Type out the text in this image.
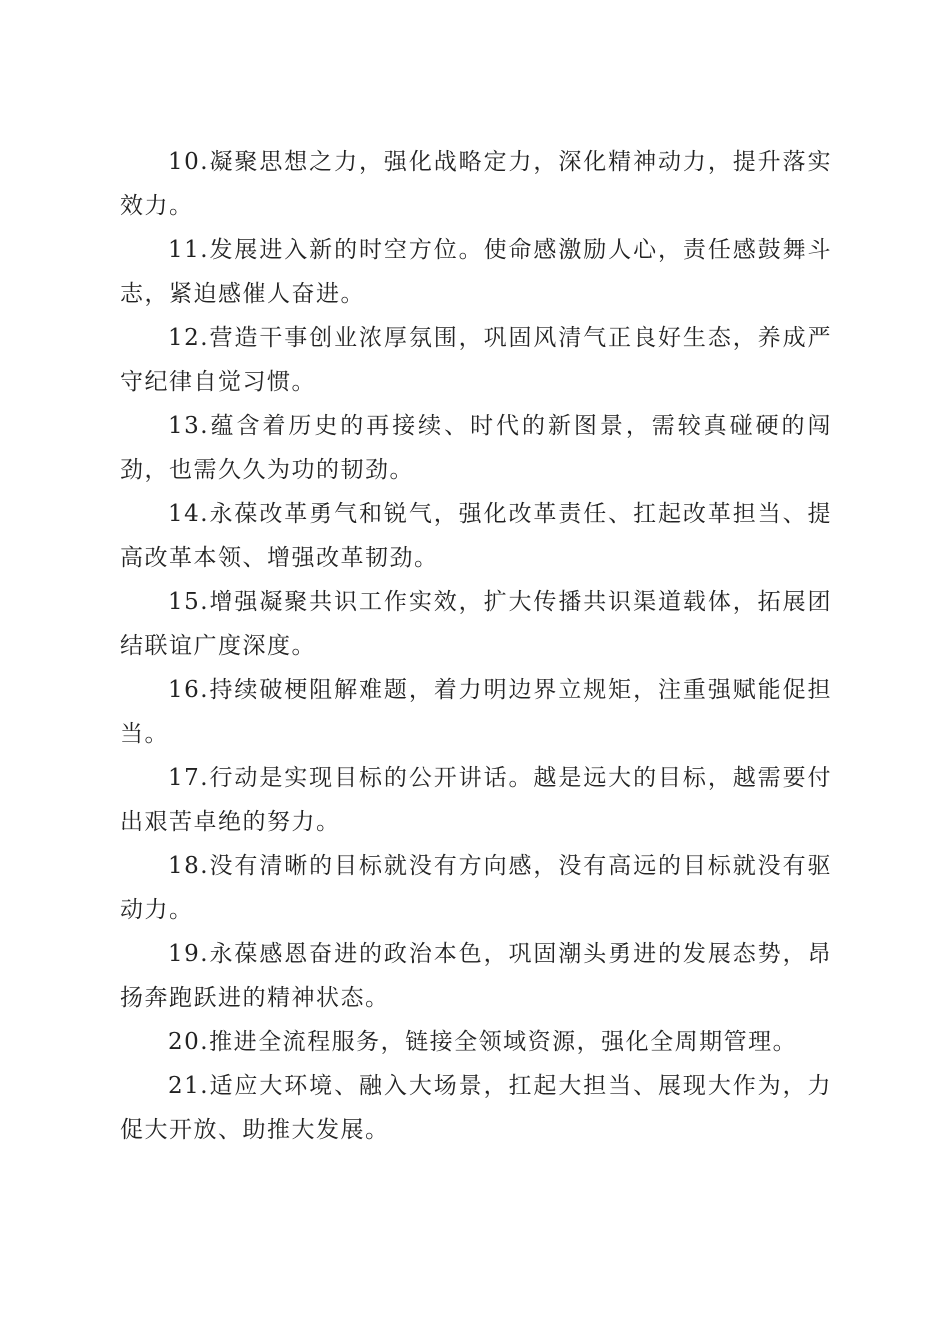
10.凝聚思想之力，强化战略定力，深化精神动力，提升落实效力。

11.发展进入新的时空方位。使命感激励人心，责任感鼓舞斗志，紧迫感催人奋进。

12.营造干事创业浓厚氛围，巩固风清气正良好生态，养成严守纪律自觉习惯。

13.蕴含着历史的再接续、时代的新图景，需较真碰硬的闯劲，也需久久为功的韧劲。

14.永葆改革勇气和锐气，强化改革责任、扛起改革担当、提高改革本领、增强改革韧劲。

15.增强凝聚共识工作实效，扩大传播共识渠道载体，拓展团结联谊广度深度。

16.持续破梗阻解难题，着力明边界立规矩，注重强赋能促担当。

17.行动是实现目标的公开讲话。越是远大的目标，越需要付出艰苦卓绝的努力。

18.没有清晰的目标就没有方向感，没有高远的目标就没有驱动力。

19.永葆感恩奋进的政治本色，巩固潮头勇进的发展态势，昂扬奔跑跃进的精神状态。

20.推进全流程服务，链接全领域资源，强化全周期管理。

21.适应大环境、融入大场景，扛起大担当、展现大作为，力促大开放、助推大发展。
